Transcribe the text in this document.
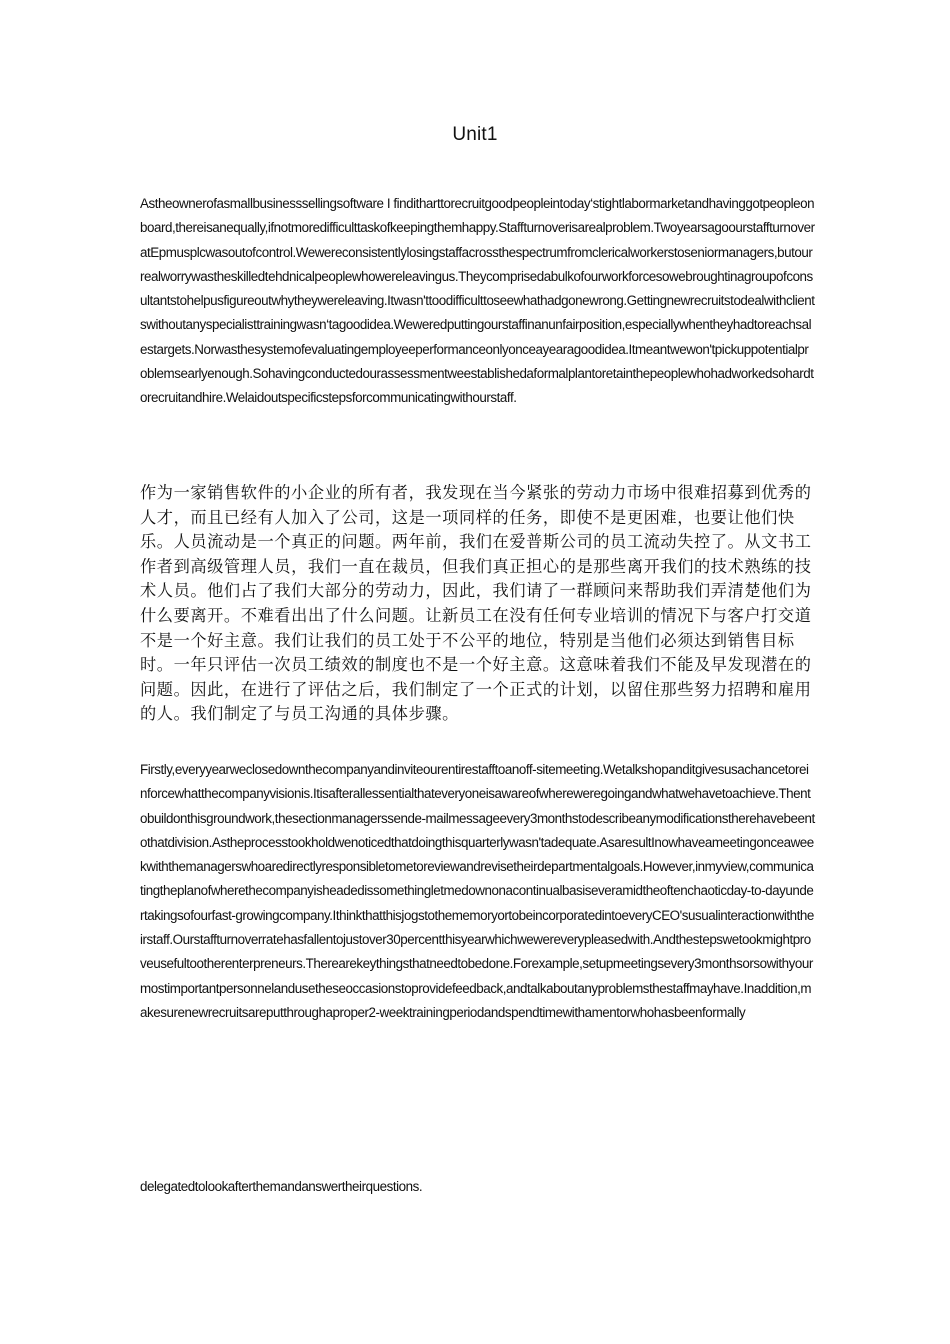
Unit1

Astheownerofasmallbusinesssellingsoftware I finditharttorecruitgoodpeopleintoday‘stightlabormarketandhavinggotpeopleonboard,thereisanequally,ifnotmoredifficulttaskofkeepingthemhappy.Staffturnoverisarealproblem.TwoyearsagoourstaffturnoveratEpmusplcwasoutofcontrol.Wewereconsistentlylosingstaffacrossthespectrumfromclericalworkerstoseniormanagers,butourrealworrywastheskilledtehdnicalpeoplewhowereleavingus.Theycomprisedabulkofourworkforcesowebroughtinagroupofconsultantstohelpusfigureoutwhytheywereleaving.Itwasn'ttoodifficulttoseewhathadgonewrong.Gettingnewrecruitstodealwithclientswithoutanyspecialisttrainingwasn‘tagoodidea.Weweredputtingourstaffinanunfairposition,especiallywhentheyhadtoreachsalestargets.Norwasthesystemofevaluatingemployeeperformanceonlyonceayearagoodidea.Itmeantwewon'tpickuppotentialproblemsearlyenough.Sohavingconductedourassessmentweestablishedaformalplantoretainthepeoplewhohadworkedsohardtorecruitandhire.Welaidoutspecificstepsforcommunicatingwithourstaff.

作为一家销售软件的小企业的所有者，我发现在当今紧张的劳动力市场中很难招募到优秀的人才，而且已经有人加入了公司，这是一项同样的任务，即使不是更困难，也要让他们快乐。人员流动是一个真正的问题。两年前，我们在爱普斯公司的员工流动失控了。从文书工作者到高级管理人员，我们一直在裁员，但我们真正担心的是那些离开我们的技术熟练的技术人员。他们占了我们大部分的劳动力，因此，我们请了一群顾问来帮助我们弄清楚他们为什么要离开。不难看出出了什么问题。让新员工在没有任何专业培训的情况下与客户打交道不是一个好主意。我们让我们的员工处于不公平的地位，特别是当他们必须达到销售目标时。一年只评估一次员工绩效的制度也不是一个好主意。这意味着我们不能及早发现潜在的问题。因此，在进行了评估之后，我们制定了一个正式的计划，以留住那些努力招聘和雇用的人。我们制定了与员工沟通的具体步骤。

Firstly,everyyearweclosedownthecompanyandinviteourentirestafftoanoff-sitemeeting.Wetalkshopanditgivesusachancetoreinforcewhatthecompanyvisionis.Itisafterallessentialthateveryoneisawareofwhereweregoingandwhatwehavetoachieve.Thentobuildonthisgroundwork,thesectionmanagerssende-mailmessageevery3monthstodescribeanymodificationstherehavebeentothatdivision.Astheprocesstookholdwenoticedthatdoingthisquarterlywasn'tadequate.AsaresultInowhaveameetingonceaweekwiththemanagerswhoaredirectlyresponsibletometoreviewandrevisetheirdepartmentalgoals.However,inmyview,communicatingtheplanofwherethecompanyisheadedissomethingletmedownonacontinualbasiseveramidtheoftenchaoticday-to-dayundertakingsofourfast-growingcompany.IthinkthatthisjogstothememoryortobeincorporatedintoeveryCEO'susualinteractionwiththeirstaff.Ourstaffturnoverratehasfallentojustover30percentthisyearwhichwewereverypleasedwith.Andthestepswetookmightproveusefultootherenterpreneurs.Therearekeythingsthatneedtobedone.Forexample,setupmeetingsevery3monthsorsowithyourmostimportantpersonnelandusetheseoccasionstoprovidefeedback,andtalkaboutanyproblemsthestaffmayhave.Inaddition,makesurenewrecruitsareputthroughaproper2-weektrainingperiodandspendtimewithamentorwhohasbeenformally

delegatedtolookafterthemandanswertheirquestions.
